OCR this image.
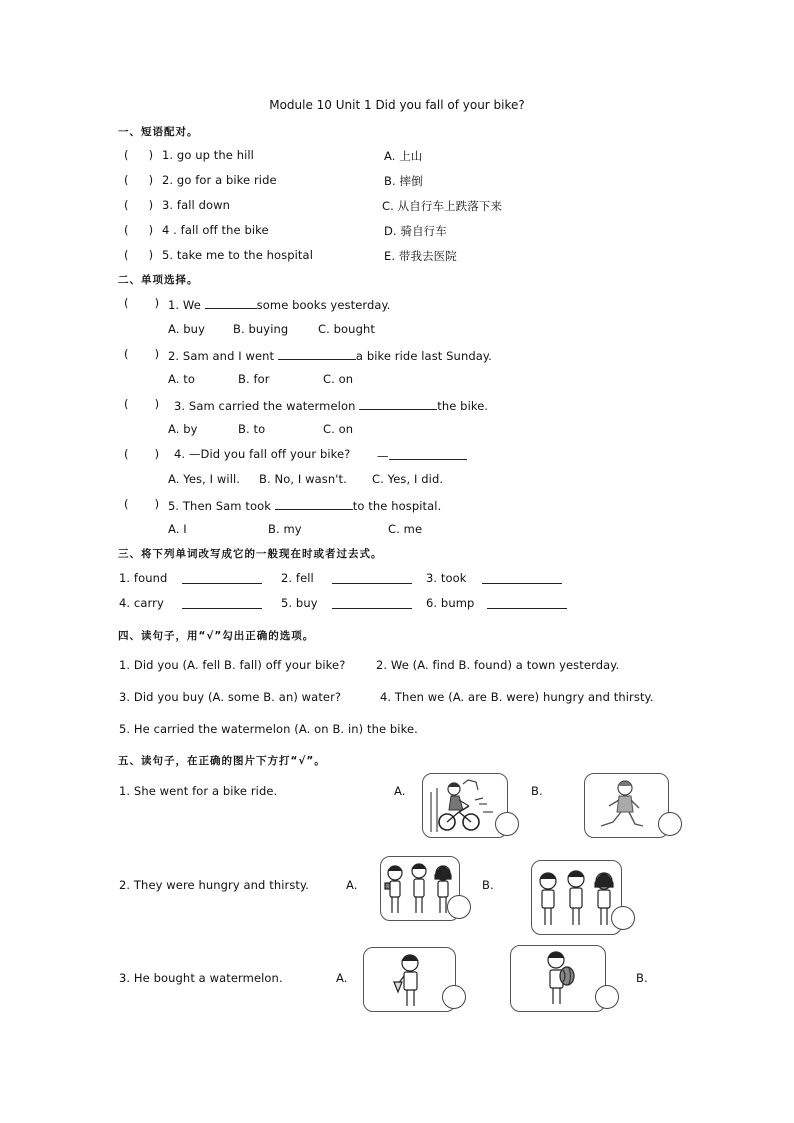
Module 10 Unit 1 Did you fall of your bike?
一、短语配对。
( ) 1. go up the hill	A. 上山
( ) 2. go for a bike ride	B. 摔倒
( ) 3. fall down	C. 从自行车上跌落下来
( ) 4 . fall off the bike	D. 骑自行车
( ) 5. take me to the hospital	E. 带我去医院
二、单项选择。
( ) 1. We	some books yesterday.
A. buy B. buying	C. bought
( ) 2. Sam and I went	a bike ride last Sunday.
A. to	B. for	C. on
( ) 3. Sam carried the watermelon	the bike.
A. by	B. to	C. on
( ) 4. —Did you fall off your bike? —
A. Yes, I will. B. No, I wasn't. C. Yes, I did.
( ) 5. Then Sam took	to the hospital.
A. I	B. my	C. me
三、将下列单词改写成它的一般现在时或者过去式。
1. found	2. fell	3. took
4. carry	5. buy	6. bump
四、读句子，用“√”勾出正确的选项。
1. Did you (A. fell B. fall) off your bike?	2. We (A. find B. found) a town yesterday.
3. Did you buy (A. some B. an) water?	4. Then we (A. are B. were) hungry and thirsty.
5. He carried the watermelon (A. on B. in) the bike.
五、读句子，在正确的图片下方打“√”。
1. She went for a bike ride.	A.	B.
2. They were hungry and thirsty.	A.	B.
3. He bought a watermelon.	A.	B.
